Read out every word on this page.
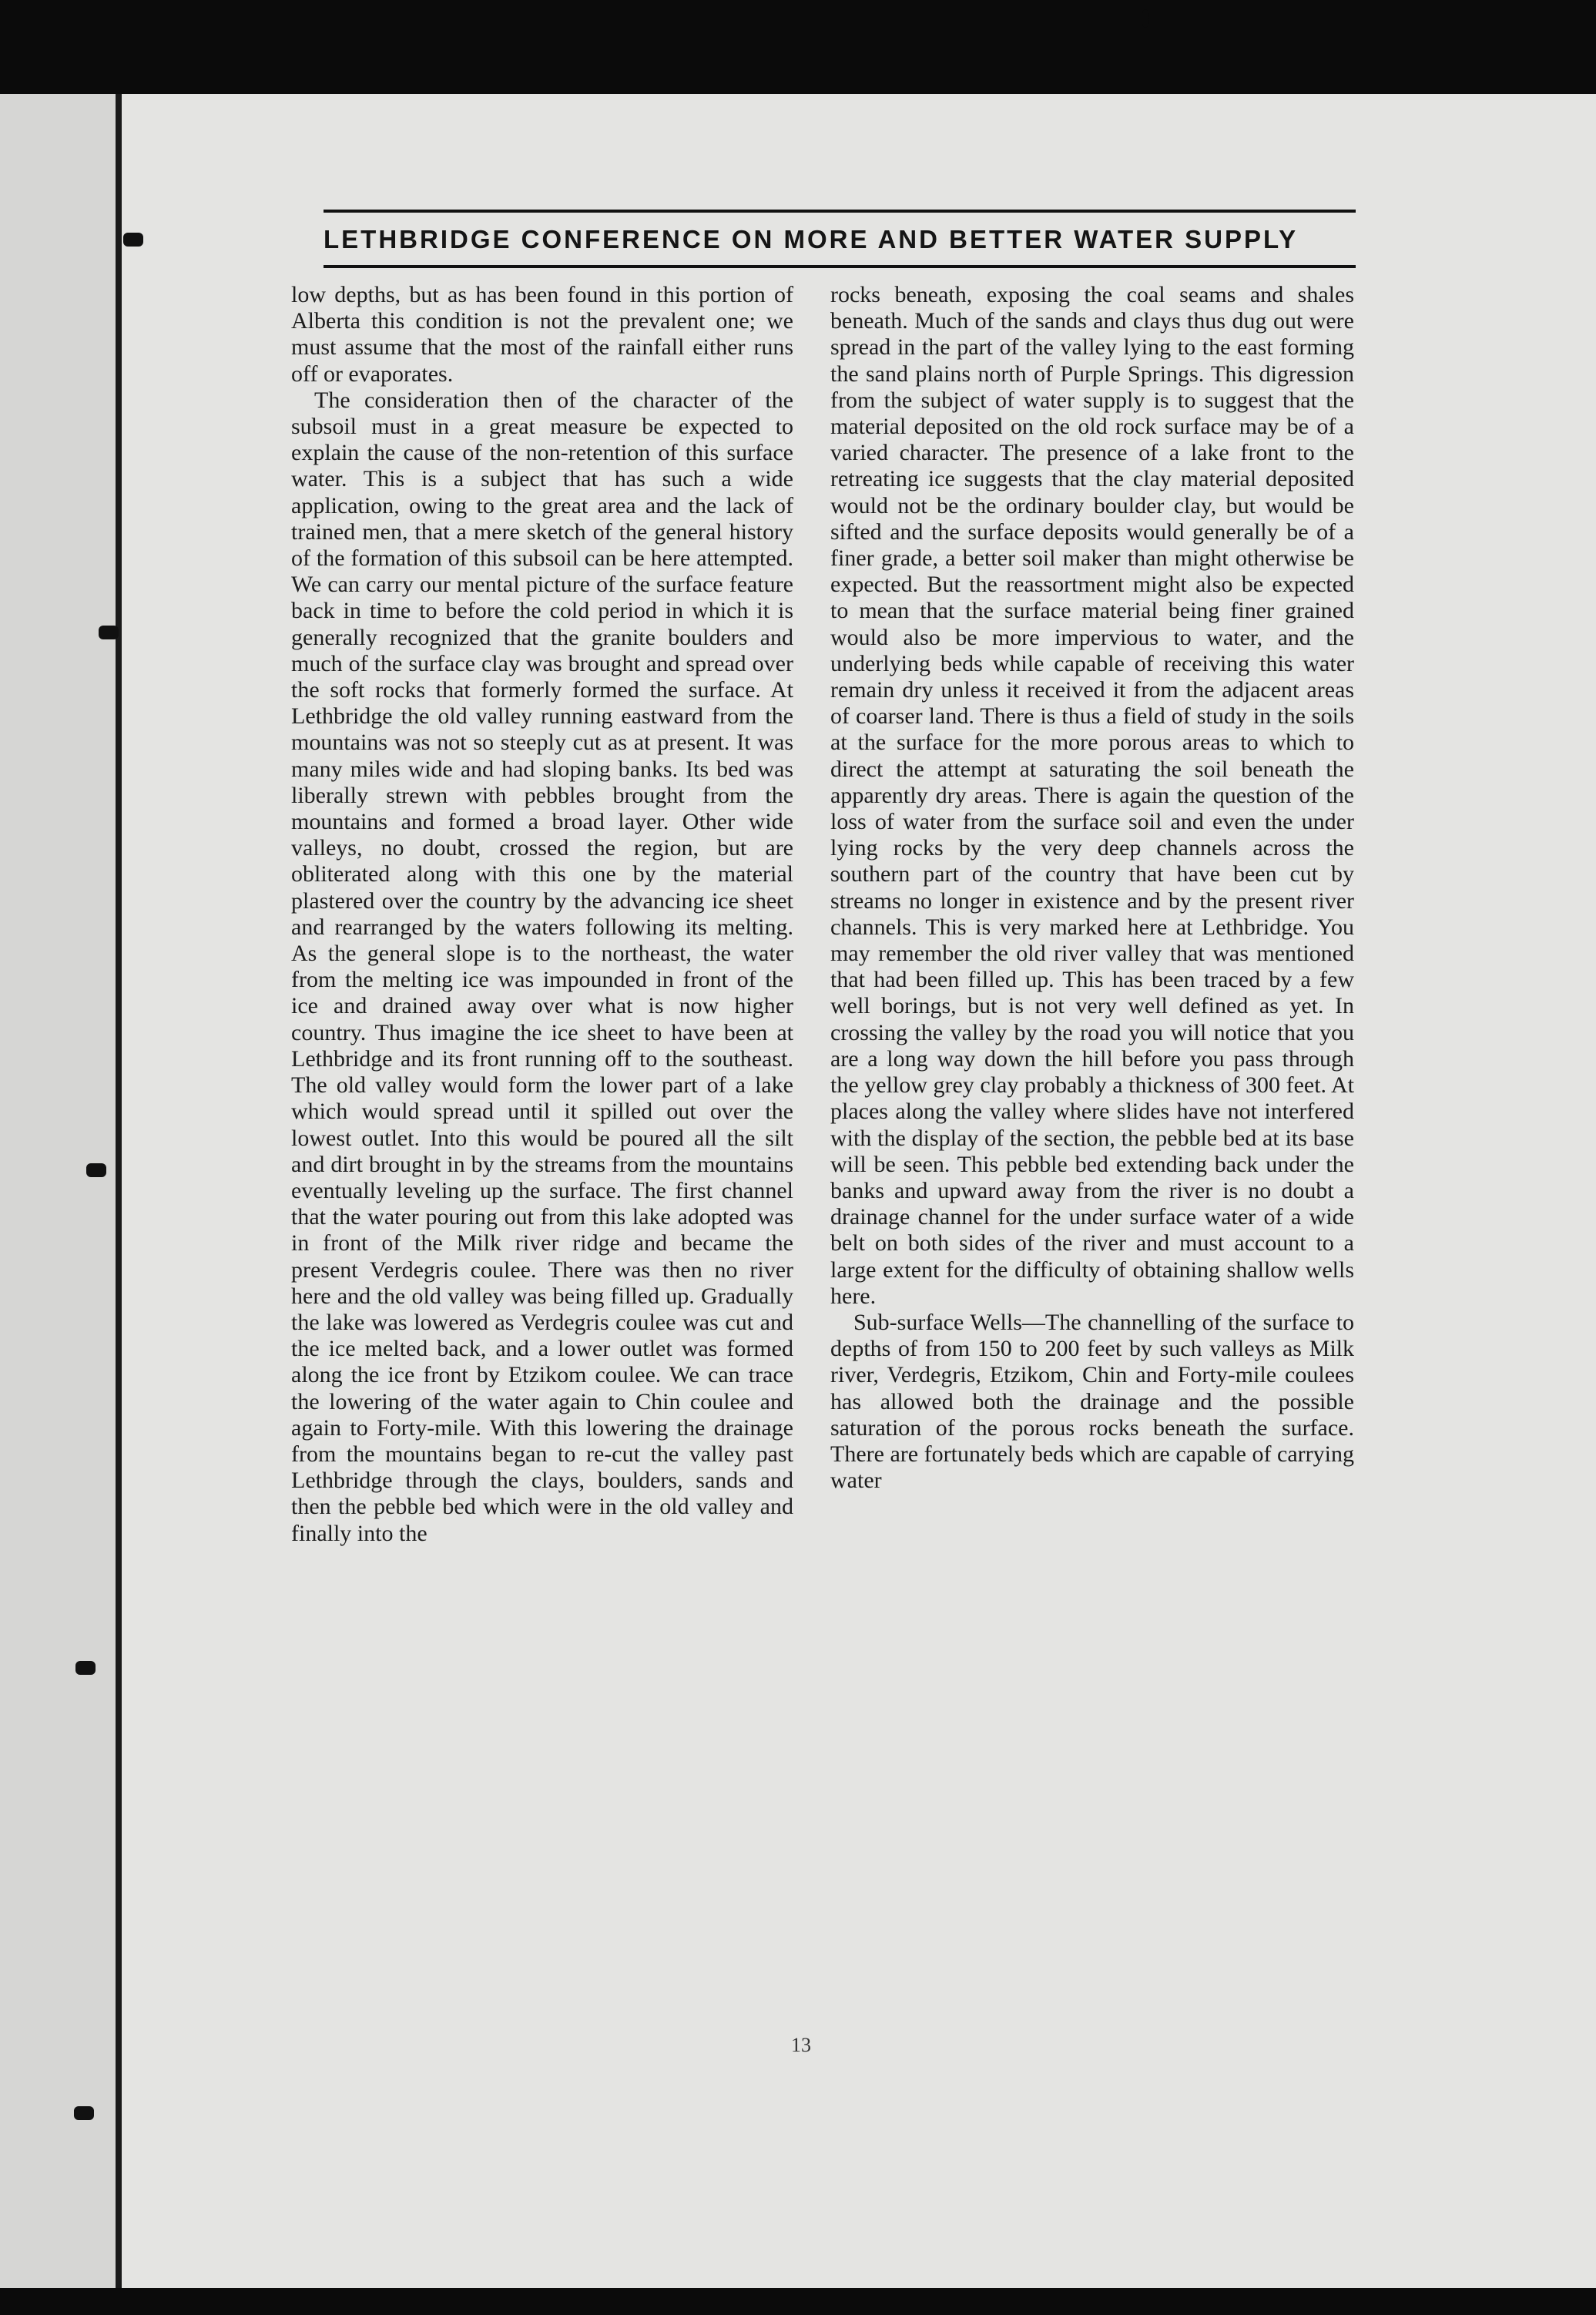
LETHBRIDGE CONFERENCE ON MORE AND BETTER WATER SUPPLY

low depths, but as has been found in this portion of Alberta this condition is not the prevalent one; we must assume that the most of the rainfall either runs off or evaporates.

The consideration then of the character of the subsoil must in a great measure be expected to explain the cause of the non-retention of this surface water. This is a subject that has such a wide application, owing to the great area and the lack of trained men, that a mere sketch of the general history of the formation of this subsoil can be here attempted. We can carry our mental picture of the surface feature back in time to before the cold period in which it is generally recognized that the granite boulders and much of the surface clay was brought and spread over the soft rocks that formerly formed the surface. At Lethbridge the old valley running eastward from the mountains was not so steeply cut as at present. It was many miles wide and had sloping banks. Its bed was liberally strewn with pebbles brought from the mountains and formed a broad layer. Other wide valleys, no doubt, crossed the region, but are obliterated along with this one by the material plastered over the country by the advancing ice sheet and rearranged by the waters following its melting. As the general slope is to the northeast, the water from the melting ice was impounded in front of the ice and drained away over what is now higher country. Thus imagine the ice sheet to have been at Lethbridge and its front running off to the southeast. The old valley would form the lower part of a lake which would spread until it spilled out over the lowest outlet. Into this would be poured all the silt and dirt brought in by the streams from the mountains eventually leveling up the surface. The first channel that the water pouring out from this lake adopted was in front of the Milk river ridge and became the present Verdegris coulee. There was then no river here and the old valley was being filled up. Gradually the lake was lowered as Verdegris coulee was cut and the ice melted back, and a lower outlet was formed along the ice front by Etzikom coulee. We can trace the lowering of the water again to Chin coulee and again to Forty-mile. With this lowering the drainage from the mountains began to re-cut the valley past Lethbridge through the clays, boulders, sands and then the pebble bed which were in the old valley and finally into the

rocks beneath, exposing the coal seams and shales beneath. Much of the sands and clays thus dug out were spread in the part of the valley lying to the east forming the sand plains north of Purple Springs. This digression from the subject of water supply is to suggest that the material deposited on the old rock surface may be of a varied character. The presence of a lake front to the retreating ice suggests that the clay material deposited would not be the ordinary boulder clay, but would be sifted and the surface deposits would generally be of a finer grade, a better soil maker than might otherwise be expected. But the reassortment might also be expected to mean that the surface material being finer grained would also be more impervious to water, and the underlying beds while capable of receiving this water remain dry unless it received it from the adjacent areas of coarser land. There is thus a field of study in the soils at the surface for the more porous areas to which to direct the attempt at saturating the soil beneath the apparently dry areas. There is again the question of the loss of water from the surface soil and even the under lying rocks by the very deep channels across the southern part of the country that have been cut by streams no longer in existence and by the present river channels. This is very marked here at Lethbridge. You may remember the old river valley that was mentioned that had been filled up. This has been traced by a few well borings, but is not very well defined as yet. In crossing the valley by the road you will notice that you are a long way down the hill before you pass through the yellow grey clay probably a thickness of 300 feet. At places along the valley where slides have not interfered with the display of the section, the pebble bed at its base will be seen. This pebble bed extending back under the banks and upward away from the river is no doubt a drainage channel for the under surface water of a wide belt on both sides of the river and must account to a large extent for the difficulty of obtaining shallow wells here.

Sub-surface Wells—The channelling of the surface to depths of from 150 to 200 feet by such valleys as Milk river, Verdegris, Etzikom, Chin and Forty-mile coulees has allowed both the drainage and the possible saturation of the porous rocks beneath the surface. There are fortunately beds which are capable of carrying water

13
